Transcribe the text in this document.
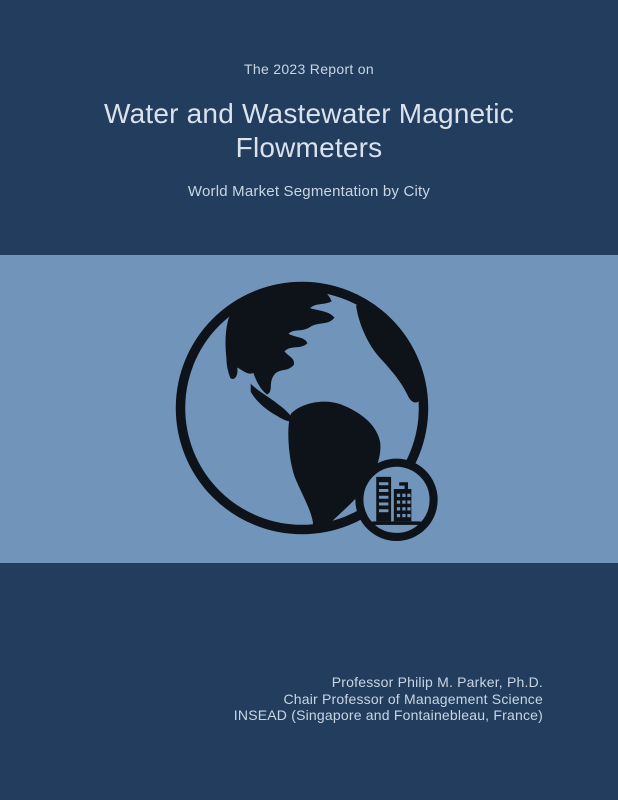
The 2023 Report on
Water and Wastewater Magnetic
Flowmeters
World Market Segmentation by City
Professor Philip M. Parker, Ph.D.
Chair Professor of Management Science
INSEAD (Singapore and Fontainebleau, France)
